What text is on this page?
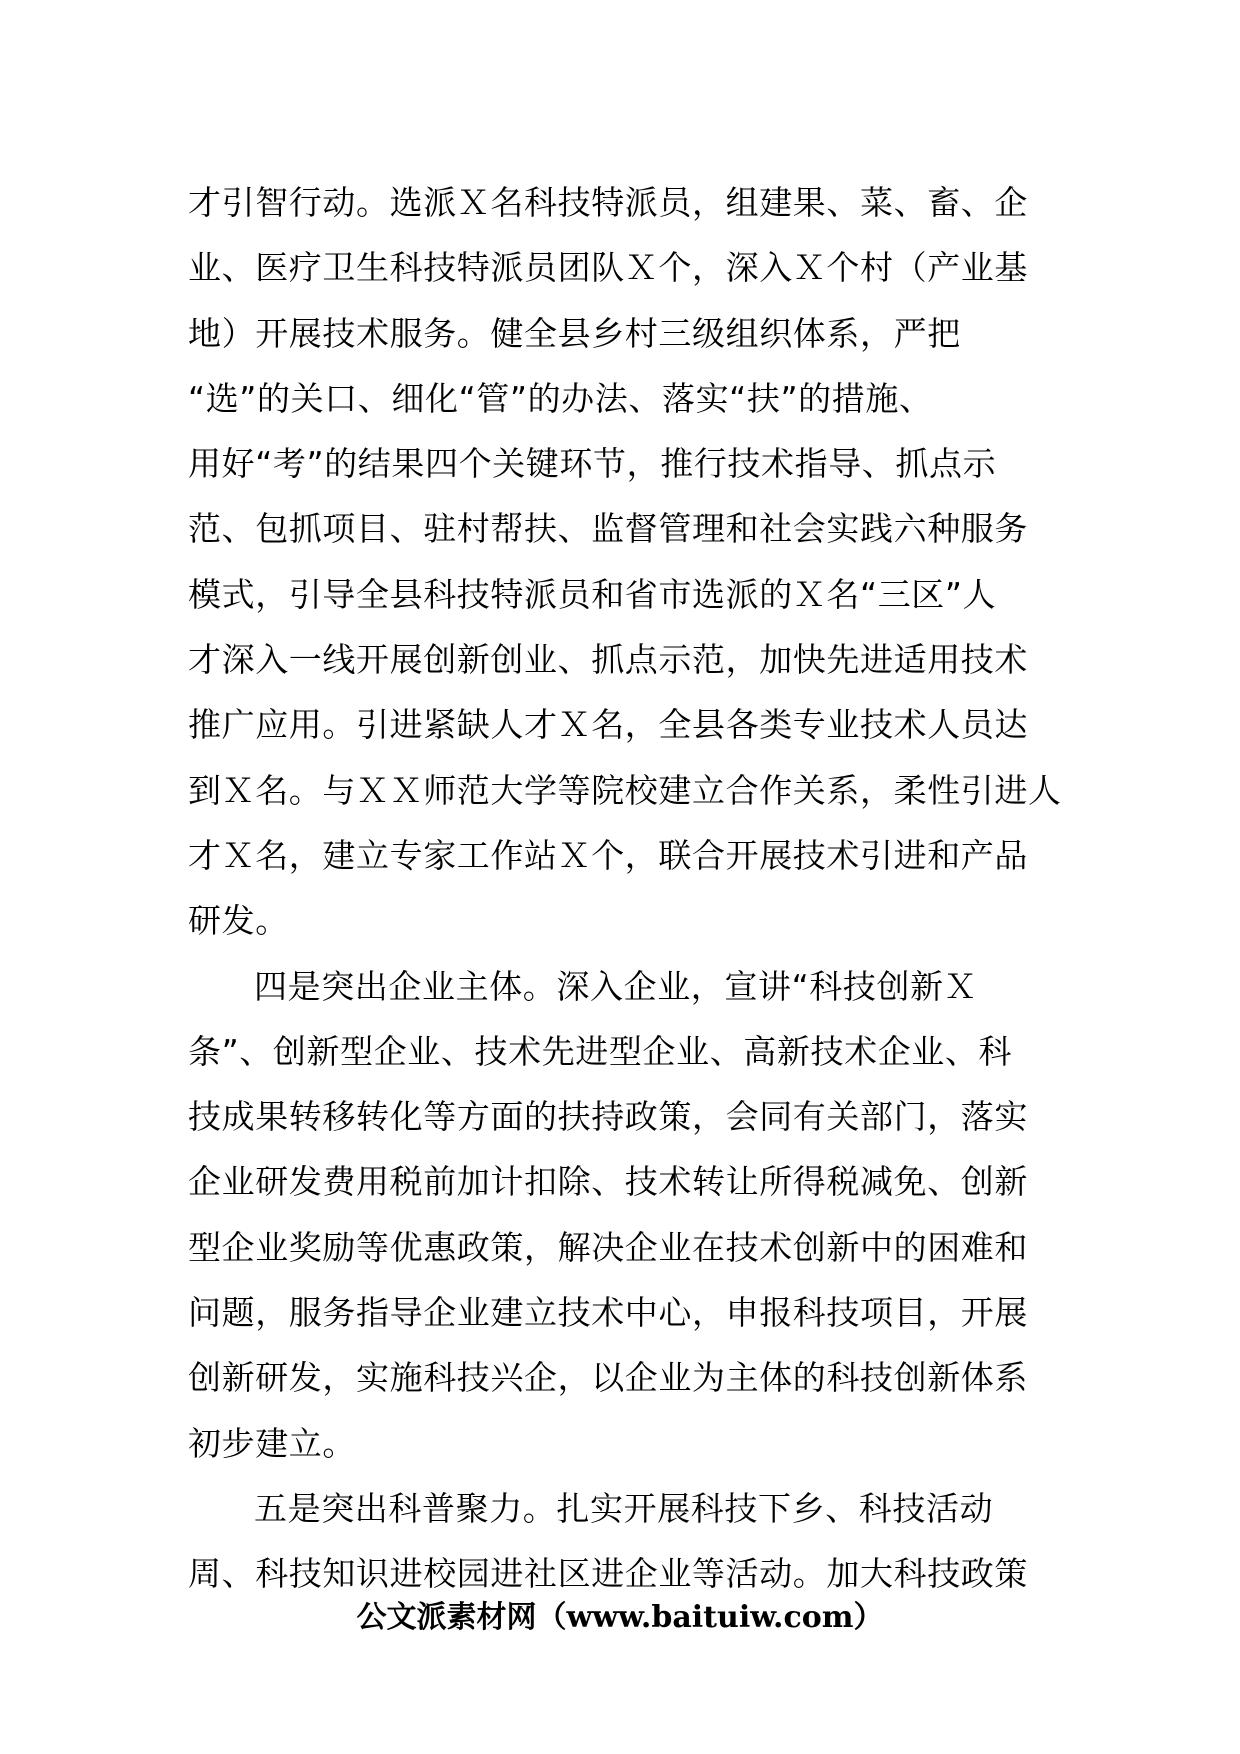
才引智行动。选派Ｘ名科技特派员，组建果、菜、畜、企
业、医疗卫生科技特派员团队Ｘ个，深入Ｘ个村（产业基
地）开展技术服务。健全县乡村三级组织体系，严把
“选”的关口、细化“管”的办法、落实“扶”的措施、
用好“考”的结果四个关键环节，推行技术指导、抓点示
范、包抓项目、驻村帮扶、监督管理和社会实践六种服务
模式，引导全县科技特派员和省市选派的Ｘ名“三区”人
才深入一线开展创新创业、抓点示范，加快先进适用技术
推广应用。引进紧缺人才Ｘ名，全县各类专业技术人员达
到Ｘ名。与ＸＸ师范大学等院校建立合作关系，柔性引进人
才Ｘ名，建立专家工作站Ｘ个，联合开展技术引进和产品
研发。
四是突出企业主体。深入企业，宣讲“科技创新Ｘ
条”、创新型企业、技术先进型企业、高新技术企业、科
技成果转移转化等方面的扶持政策，会同有关部门，落实
企业研发费用税前加计扣除、技术转让所得税减免、创新
型企业奖励等优惠政策，解决企业在技术创新中的困难和
问题，服务指导企业建立技术中心，申报科技项目，开展
创新研发，实施科技兴企，以企业为主体的科技创新体系
初步建立。
五是突出科普聚力。扎实开展科技下乡、科技活动
周、科技知识进校园进社区进企业等活动。加大科技政策
公文派素材网（www.baituiw.com）
